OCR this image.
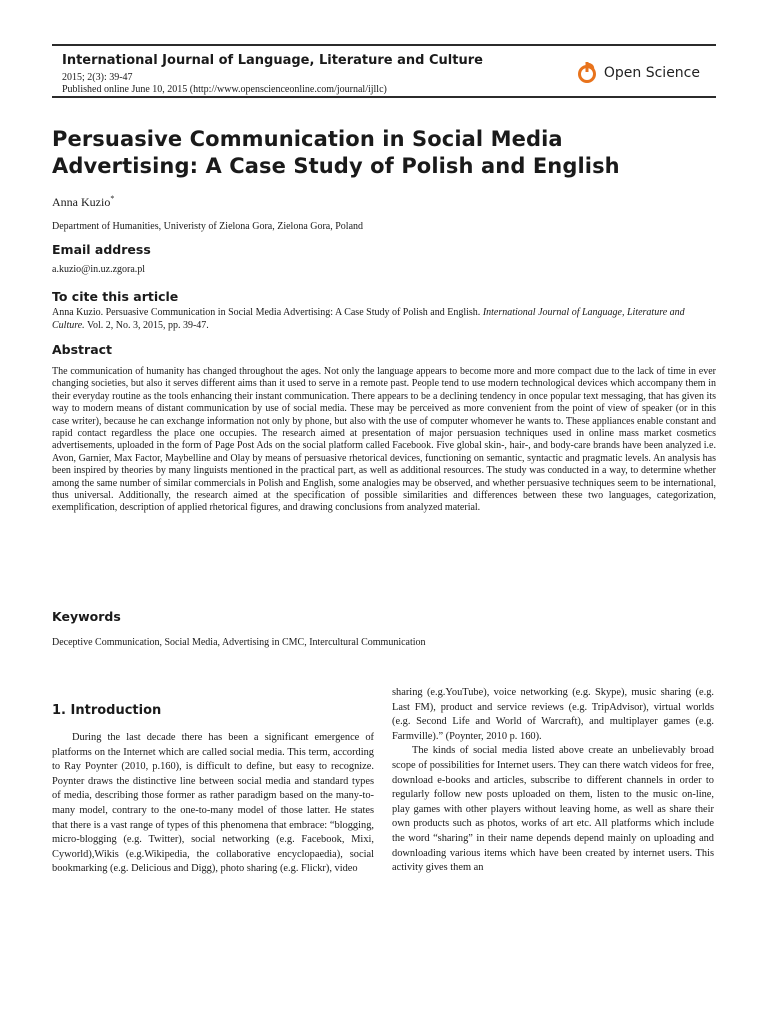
International Journal of Language, Literature and Culture
2015; 2(3): 39-47
Published online June 10, 2015 (http://www.openscienceonline.com/journal/ijllc)
Open Science
Persuasive Communication in Social Media Advertising: A Case Study of Polish and English
Anna Kuzio*
Department of Humanities, Univeristy of Zielona Gora, Zielona Gora, Poland
Email address
a.kuzio@in.uz.zgora.pl
To cite this article
Anna Kuzio. Persuasive Communication in Social Media Advertising: A Case Study of Polish and English. International Journal of Language, Literature and Culture. Vol. 2, No. 3, 2015, pp. 39-47.
Abstract
The communication of humanity has changed throughout the ages. Not only the language appears to become more and more compact due to the lack of time in ever changing societies, but also it serves different aims than it used to serve in a remote past. People tend to use modern technological devices which accompany them in their everyday routine as the tools enhancing their instant communication. There appears to be a declining tendency in once popular text messaging, that has given its way to modern means of distant communication by use of social media. These may be perceived as more convenient from the point of view of speaker (or in this case writer), because he can exchange information not only by phone, but also with the use of computer whomever he wants to. These appliances enable constant and rapid contact regardless the place one occupies. The research aimed at presentation of major persuasion techniques used in online mass market cosmetics advertisements, uploaded in the form of Page Post Ads on the social platform called Facebook. Five global skin-, hair-, and body-care brands have been analyzed i.e. Avon, Garnier, Max Factor, Maybelline and Olay by means of persuasive rhetorical devices, functioning on semantic, syntactic and pragmatic levels. An analysis has been inspired by theories by many linguists mentioned in the practical part, as well as additional resources. The study was conducted in a way, to determine whether among the same number of similar commercials in Polish and English, some analogies may be observed, and whether persuasive techniques seem to be international, thus universal. Additionally, the research aimed at the specification of possible similarities and differences between these two languages, categorization, exemplification, description of applied rhetorical figures, and drawing conclusions from analyzed material.
Keywords
Deceptive Communication, Social Media, Advertising in CMC, Intercultural Communication
1. Introduction

During the last decade there has been a significant emergence of platforms on the Internet which are called social media. This term, according to Ray Poynter (2010, p.160), is difficult to define, but easy to recognize. Poynter draws the distinctive line between social media and standard types of media, describing those former as rather paradigm based on the many-to-many model, contrary to the one-to-many model of those latter. He states that there is a vast range of types of this phenomena that embrace: “blogging, micro-blogging (e.g. Twitter), social networking (e.g. Facebook, Mixi, Cyworld),Wikis (e.g.Wikipedia, the collaborative encyclopaedia), social bookmarking (e.g. Delicious and Digg), photo sharing (e.g. Flickr), video

sharing (e.g.YouTube), voice networking (e.g. Skype), music sharing (e.g. Last FM), product and service reviews (e.g. TripAdvisor), virtual worlds (e.g. Second Life and World of Warcraft), and multiplayer games (e.g. Farmville).” (Poynter, 2010 p. 160).

The kinds of social media listed above create an unbelievably broad scope of possibilities for Internet users. They can there watch videos for free, download e-books and articles, subscribe to different channels in order to regularly follow new posts uploaded on them, listen to the music on-line, play games with other players without leaving home, as well as share their own products such as photos, works of art etc. All platforms which include the word “sharing” in their name depends depend mainly on uploading and downloading various items which have been created by internet users. This activity gives them an
